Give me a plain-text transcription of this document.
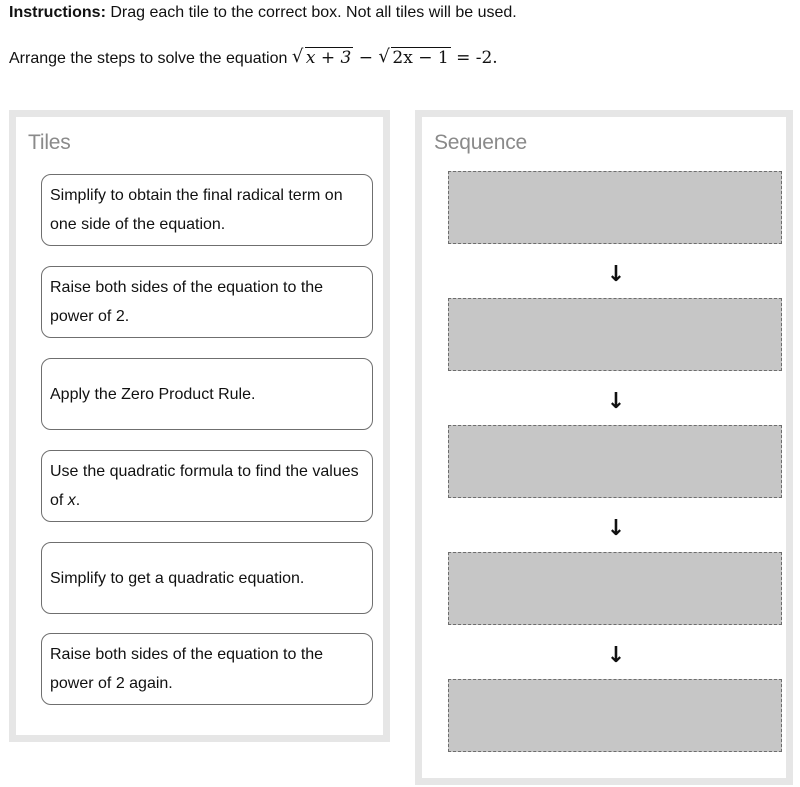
Instructions: Drag each tile to the correct box. Not all tiles will be used.
Arrange the steps to solve the equation √ x + 3 − √ 2x − 1 = -2.
Tiles
Simplify to obtain the final radical term on one side of the equation.
Raise both sides of the equation to the power of 2.
Apply the Zero Product Rule.
Use the quadratic formula to find the values of x.
Simplify to get a quadratic equation.
Raise both sides of the equation to the power of 2 again.
Sequence
↓
↓
↓
↓
